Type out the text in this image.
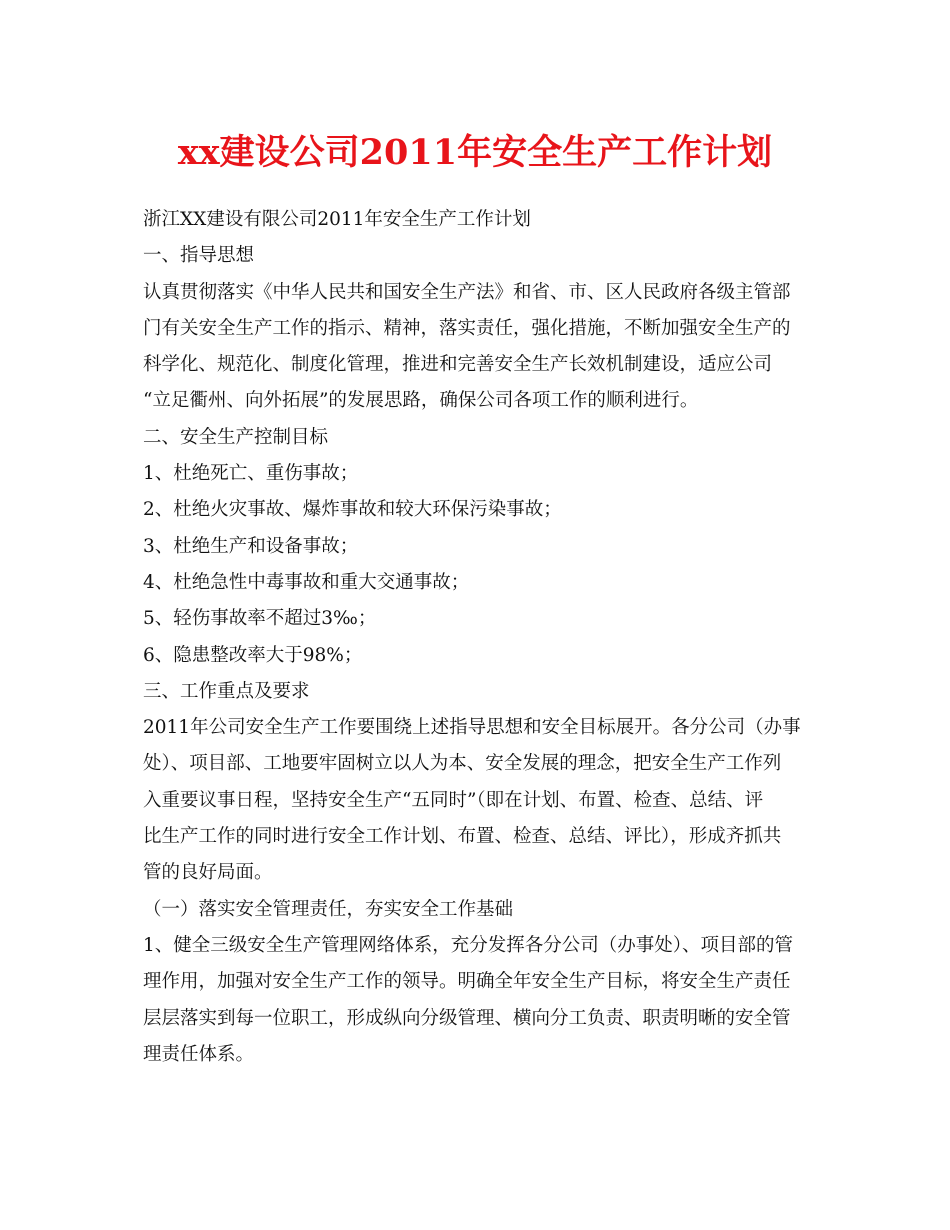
xx建设公司2011年安全生产工作计划

浙江XX建设有限公司2011年安全生产工作计划

一、指导思想

认真贯彻落实《中华人民共和国安全生产法》和省、市、区人民政府各级主管部

门有关安全生产工作的指示、精神，落实责任，强化措施，不断加强安全生产的

科学化、规范化、制度化管理，推进和完善安全生产长效机制建设，适应公司

“立足衢州、向外拓展”的发展思路，确保公司各项工作的顺利进行。

二、安全生产控制目标

1、杜绝死亡、重伤事故；

2、杜绝火灾事故、爆炸事故和较大环保污染事故；

3、杜绝生产和设备事故；

4、杜绝急性中毒事故和重大交通事故；

5、轻伤事故率不超过3‰；

6、隐患整改率大于98%；

三、工作重点及要求

2011年公司安全生产工作要围绕上述指导思想和安全目标展开。各分公司（办事

处）、项目部、工地要牢固树立以人为本、安全发展的理念，把安全生产工作列

入重要议事日程，坚持安全生产“五同时”（即在计划、布置、检查、总结、评

比生产工作的同时进行安全工作计划、布置、检查、总结、评比），形成齐抓共

管的良好局面。

（一）落实安全管理责任，夯实安全工作基础

1、健全三级安全生产管理网络体系，充分发挥各分公司（办事处）、项目部的管

理作用，加强对安全生产工作的领导。明确全年安全生产目标，将安全生产责任

层层落实到每一位职工，形成纵向分级管理、横向分工负责、职责明晰的安全管

理责任体系。
